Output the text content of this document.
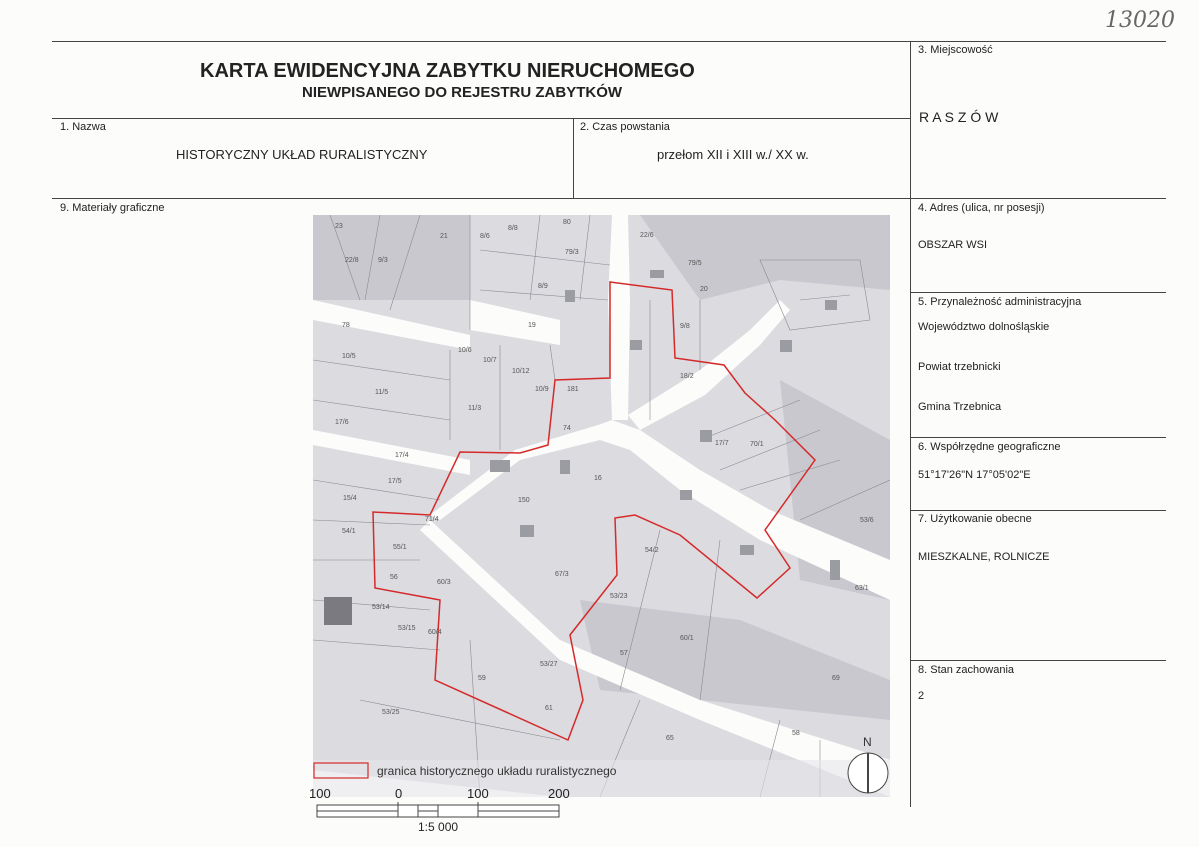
13020
KARTA EWIDENCYJNA ZABYTKU NIERUCHOMEGO
NIEWPISANEGO DO REJESTRU ZABYTKÓW
1. Nazwa
HISTORYCZNY UKŁAD RURALISTYCZNY
2. Czas powstania
przełom XII i XIII w./ XX w.
3. Miejscowość
R A S Z Ó W
4. Adres (ulica, nr posesji)
OBSZAR WSI
5. Przynależność administracyjna
Województwo dolnośląskie
Powiat trzebnicki
Gmina Trzebnica
6. Współrzędne geograficzne
51°17'26"N 17°05'02"E
7. Użytkowanie obecne
MIESZKALNE, ROLNICZE
8. Stan zachowania
2
9. Materiały graficzne
23
21	8/6
8/8
80
22/6
22/8	9/3
8/9
79/3
79/5
20
9/8
78	19
10/5
10/6
10/7
10/12
10/9	181
18/2
11/5
11/3
74
17/7
17/6
17/4
17/5
15/4
16
150
71/4
70/1
53/6
54/1
55/1
67/3
54/2
56
60/3
53/23
53/14
53/15
60/4
60/1
57
53/25
59
53/27
61
65
69
63/1
58
granica historycznego układu ruralistycznego
N
100	0	100	200
1:5 000
